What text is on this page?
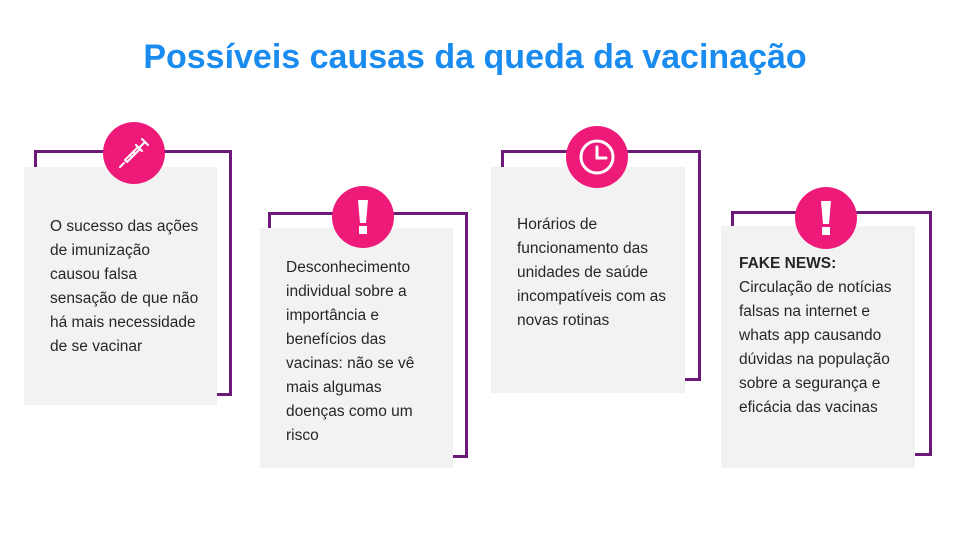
Possíveis causas da queda da vacinação

O sucesso das ações de imunização causou falsa sensação de que não há mais necessidade de se vacinar

Desconhecimento individual sobre a importância e benefícios das vacinas: não se vê mais algumas doenças como um risco

Horários de funcionamento das unidades de saúde incompatíveis com as novas rotinas

FAKE NEWS:

Circulação de notícias falsas na internet e whats app causando dúvidas na população sobre a segurança e eficácia das vacinas
